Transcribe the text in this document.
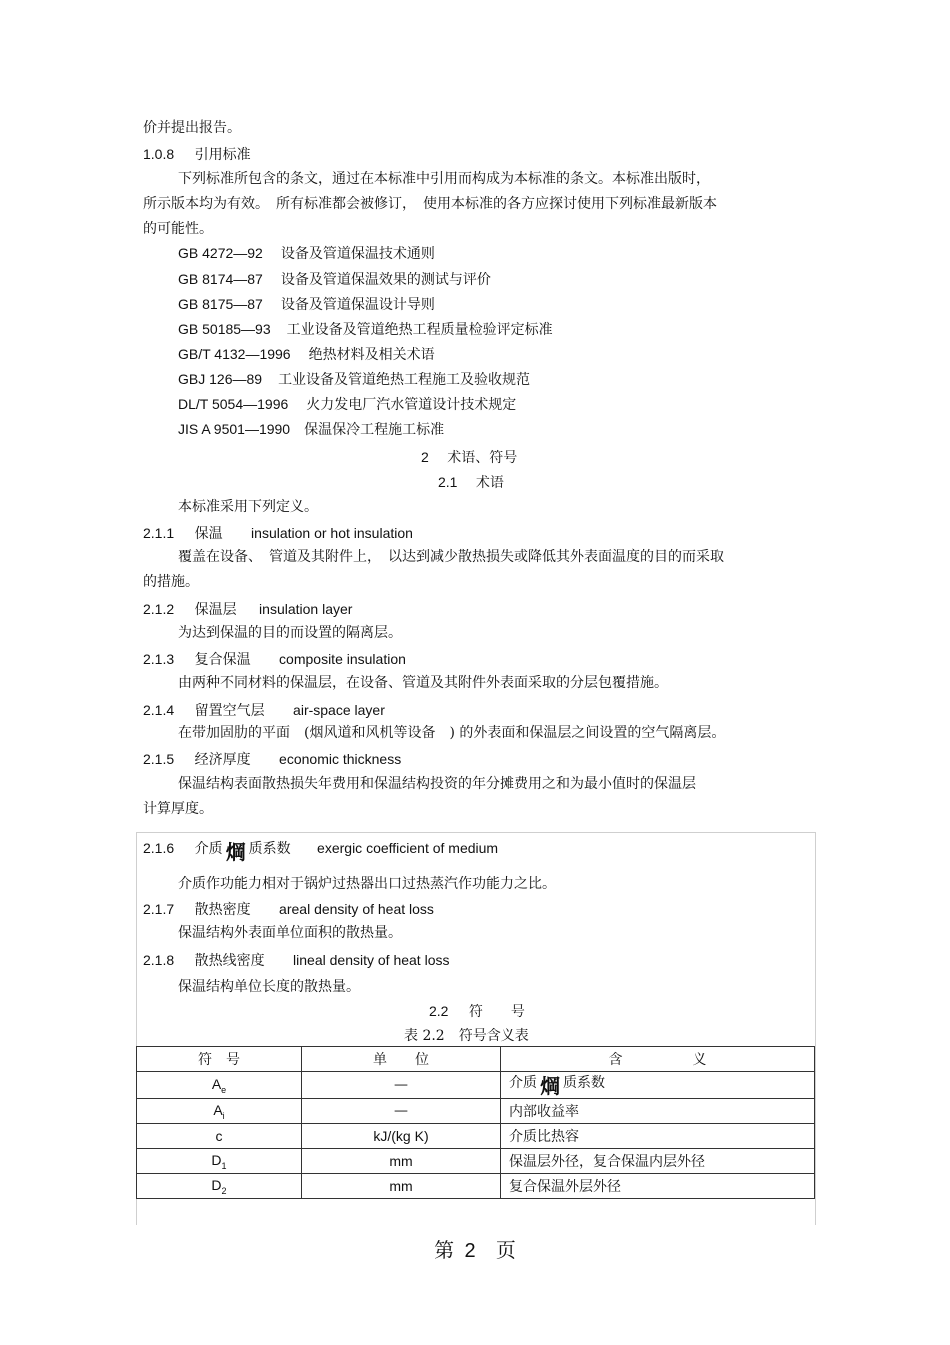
价并提出报告。
1.0.8 引用标准
下列标准所包含的条文，通过在本标准中引用而构成为本标准的条文。本标准出版时，
所示版本均为有效。　所有标准都会被修订，　使用本标准的各方应探讨使用下列标准最新版本
的可能性。
GB 4272—92 设备及管道保温技术通则
GB 8174—87 设备及管道保温效果的测试与评价
GB 8175—87 设备及管道保温设计导则
GB 50185—93 工业设备及管道绝热工程质量检验评定标准
GB/T 4132—1996 绝热材料及相关术语
GBJ 126—89 工业设备及管道绝热工程施工及验收规范
DL/T 5054—1996 火力发电厂汽水管道设计技术规定
JIS A 9501—1990 保温保冷工程施工标准
2 术语、符号
2.1 术语
本标准采用下列定义。
2.1.1 保温 insulation or hot insulation
覆盖在设备、　管道及其附件上，　以达到减少散热损失或降低其外表面温度的目的而采取
的措施。
2.1.2 保温层 insulation layer
为达到保温的目的而设置的隔离层。
2.1.3 复合保温 composite insulation
由两种不同材料的保温层，在设备、管道及其附件外表面采取的分层包覆措施。
2.1.4 留置空气层 air-space layer
在带加固肋的平面　(烟风道和风机等设备　) 的外表面和保温层之间设置的空气隔离层。
2.1.5 经济厚度 economic thickness
保温结构表面散热损失年费用和保温结构投资的年分摊费用之和为最小值时的保温层
计算厚度。
2.1.6 介质 焵 质系数 exergic coefficient of medium
介质作功能力相对于锅炉过热器出口过热蒸汽作功能力之比。
2.1.7 散热密度 areal density of heat loss
保温结构外表面单位面积的散热量。
2.1.8 散热线密度 lineal density of heat loss
保温结构单位长度的散热量。
2.2 符　　号
表 2.2　符号含义表
符　号	单　　位	含　　　　　义
$A_e$	—	介质 焵 质系数
$A_i$	—	内部收益率
c	kJ/(kg K)	介质比热容
$D_1$	mm	保温层外径，复合保温内层外径
$D_2$	mm	复合保温外层外径
第 2 页
